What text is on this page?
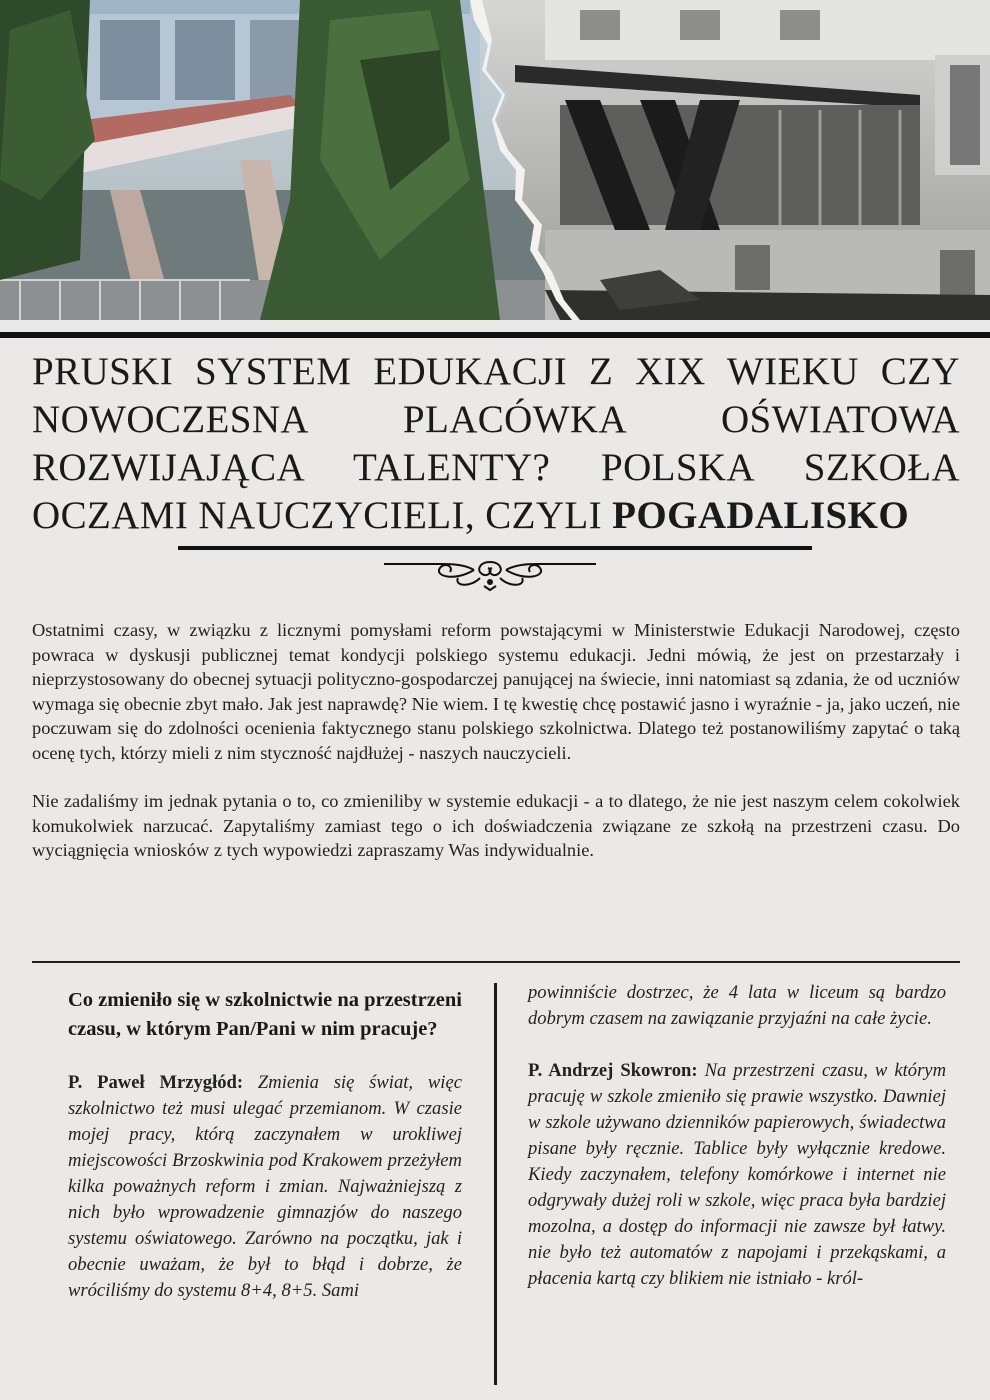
PRUSKI SYSTEM EDUKACJI Z XIX WIEKU CZY NOWOCZESNA PLACÓWKA OŚWIATOWA ROZWIJAJĄCA TALENTY? POLSKA SZKOŁA OCZAMI NAUCZYCIELI, CZYLI POGADALISKO

Ostatnimi czasy, w związku z licznymi pomysłami reform powstającymi w Ministerstwie Edukacji Narodowej, często powraca w dyskusji publicznej temat kondycji polskiego systemu edukacji. Jedni mówią, że jest on przestarzały i nieprzystosowany do obecnej sytuacji polityczno-gospodarczej panującej na świecie, inni natomiast są zdania, że od uczniów wymaga się obecnie zbyt mało. Jak jest naprawdę? Nie wiem. I tę kwestię chcę postawić jasno i wyraźnie - ja, jako uczeń, nie poczuwam się do zdolności ocenienia faktycznego stanu polskiego szkolnictwa. Dlatego też postanowiliśmy zapytać o taką ocenę tych, którzy mieli z nim styczność najdłużej - naszych nauczycieli.

Nie zadaliśmy im jednak pytania o to, co zmieniliby w systemie edukacji - a to dlatego, że nie jest naszym celem cokolwiek komukolwiek narzucać. Zapytaliśmy zamiast tego o ich doświadczenia związane ze szkołą na przestrzeni czasu. Do wyciągnięcia wniosków z tych wypowiedzi zapraszamy Was indywidualnie.

Co zmieniło się w szkolnictwie na przestrzeni czasu, w którym Pan/Pani w nim pracuje?

P. Paweł Mrzygłód: Zmienia się świat, więc szkolnictwo też musi ulegać przemianom. W czasie mojej pracy, którą zaczynałem w urokliwej miejscowości Brzoskwinia pod Krakowem przeżyłem kilka poważnych reform i zmian. Najważniejszą z nich było wprowadzenie gimnazjów do naszego systemu oświatowego. Zarówno na początku, jak i obecnie uważam, że był to błąd i dobrze, że wróciliśmy do systemu 8+4, 8+5. Sami

powinniście dostrzec, że 4 lata w liceum są bardzo dobrym czasem na zawiązanie przyjaźni na całe życie.

P. Andrzej Skowron: Na przestrzeni czasu, w którym pracuję w szkole zmieniło się prawie wszystko. Dawniej w szkole używano dzienników papierowych, świadectwa pisane były ręcznie. Tablice były wyłącznie kredowe. Kiedy zaczynałem, telefony komórkowe i internet nie odgrywały dużej roli w szkole, więc praca była bardziej mozolna, a dostęp do informacji nie zawsze był łatwy. nie było też automatów z napojami i przekąskami, a płacenia kartą czy blikiem nie istniało - król-
